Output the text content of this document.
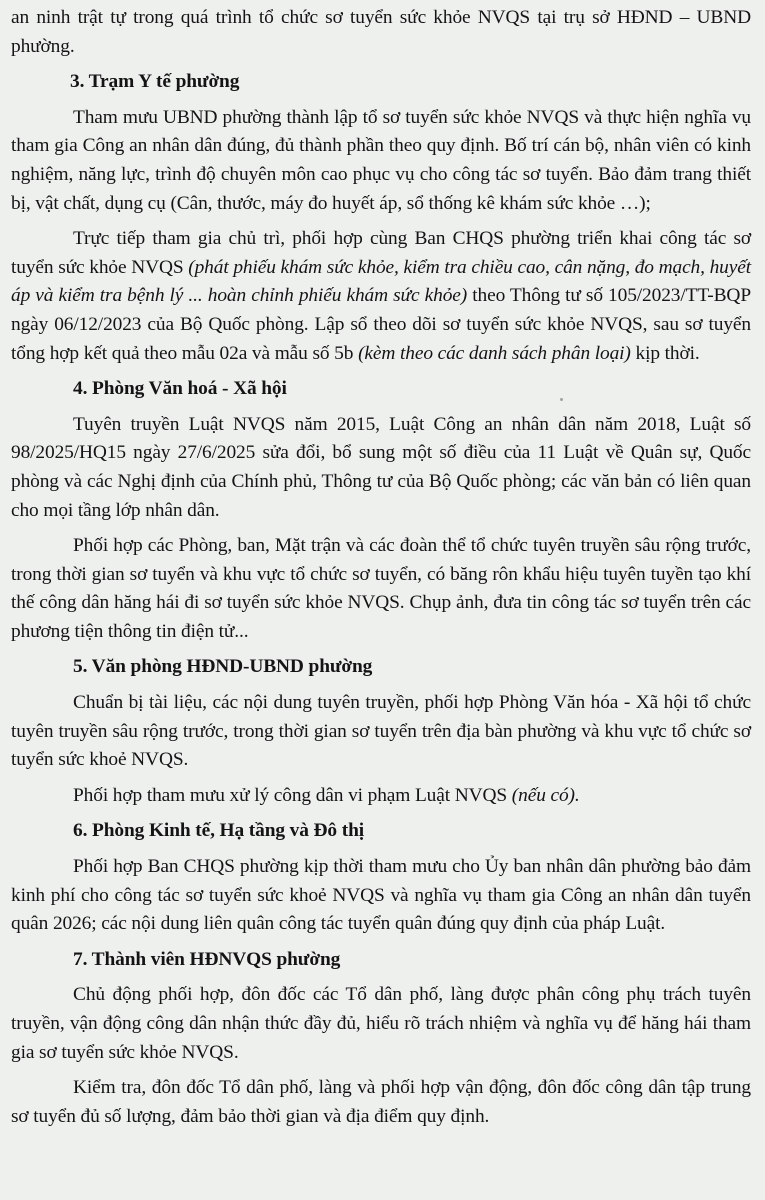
an ninh trật tự trong quá trình tổ chức sơ tuyển sức khỏe NVQS tại trụ sở HĐND – UBND phường.

3. Trạm Y tế phường

Tham mưu UBND phường thành lập tổ sơ tuyển sức khỏe NVQS và thực hiện nghĩa vụ tham gia Công an nhân dân đúng, đủ thành phần theo quy định. Bố trí cán bộ, nhân viên có kinh nghiệm, năng lực, trình độ chuyên môn cao phục vụ cho công tác sơ tuyển. Bảo đảm trang thiết bị, vật chất, dụng cụ (Cân, thước, máy đo huyết áp, sổ thống kê khám sức khỏe …);

Trực tiếp tham gia chủ trì, phối hợp cùng Ban CHQS phường triển khai công tác sơ tuyển sức khỏe NVQS (phát phiếu khám sức khỏe, kiểm tra chiều cao, cân nặng, đo mạch, huyết áp và kiểm tra bệnh lý ... hoàn chỉnh phiếu khám sức khỏe) theo Thông tư số 105/2023/TT-BQP ngày 06/12/2023 của Bộ Quốc phòng. Lập sổ theo dõi sơ tuyển sức khỏe NVQS, sau sơ tuyển tổng hợp kết quả theo mẫu 02a và mẫu số 5b (kèm theo các danh sách phân loại) kịp thời.

4. Phòng Văn hoá - Xã hội

Tuyên truyền Luật NVQS năm 2015, Luật Công an nhân dân năm 2018, Luật số 98/2025/HQ15 ngày 27/6/2025 sửa đổi, bổ sung một số điều của 11 Luật về Quân sự, Quốc phòng và các Nghị định của Chính phủ, Thông tư của Bộ Quốc phòng; các văn bản có liên quan cho mọi tầng lớp nhân dân.

Phối hợp các Phòng, ban, Mặt trận và các đoàn thể tổ chức tuyên truyền sâu rộng trước, trong thời gian sơ tuyển và khu vực tổ chức sơ tuyển, có băng rôn khẩu hiệu tuyên tuyền tạo khí thế công dân hăng hái đi sơ tuyển sức khỏe NVQS. Chụp ảnh, đưa tin công tác sơ tuyển trên các phương tiện thông tin điện tử...

5. Văn phòng HĐND-UBND phường

Chuẩn bị tài liệu, các nội dung tuyên truyền, phối hợp Phòng Văn hóa - Xã hội tổ chức tuyên truyền sâu rộng trước, trong thời gian sơ tuyển trên địa bàn phường và khu vực tổ chức sơ tuyển sức khoẻ NVQS.

Phối hợp tham mưu xử lý công dân vi phạm Luật NVQS (nếu có).

6. Phòng Kinh tế, Hạ tầng và Đô thị

Phối hợp Ban CHQS phường kịp thời tham mưu cho Ủy ban nhân dân phường bảo đảm kinh phí cho công tác sơ tuyển sức khoẻ NVQS và nghĩa vụ tham gia Công an nhân dân tuyển quân 2026; các nội dung liên quân công tác tuyển quân đúng quy định của pháp Luật.

7. Thành viên HĐNVQS phường

Chủ động phối hợp, đôn đốc các Tổ dân phố, làng được phân công phụ trách tuyên truyền, vận động công dân nhận thức đầy đủ, hiểu rõ trách nhiệm và nghĩa vụ để hăng hái tham gia sơ tuyển sức khỏe NVQS.

Kiểm tra, đôn đốc Tổ dân phố, làng và phối hợp vận động, đôn đốc công dân tập trung sơ tuyển đủ số lượng, đảm bảo thời gian và địa điểm quy định.
